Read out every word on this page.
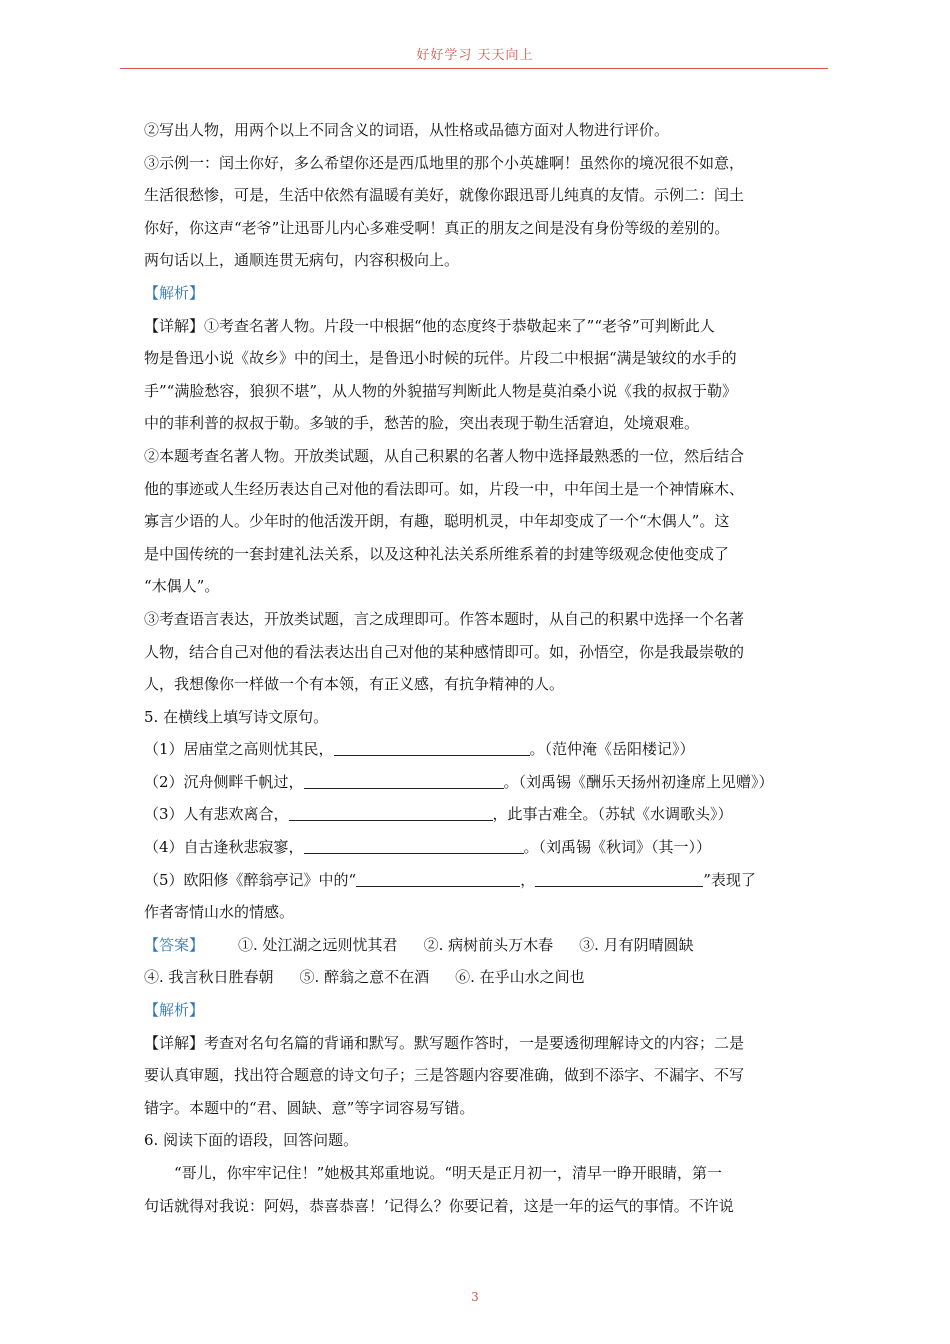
好好学习 天天向上

②写出人物，用两个以上不同含义的词语，从性格或品德方面对人物进行评价。

③示例一：闰土你好，多么希望你还是西瓜地里的那个小英雄啊！虽然你的境况很不如意，

生活很愁惨，可是，生活中依然有温暖有美好，就像你跟迅哥儿纯真的友情。示例二：闰土

你好，你这声“老爷”让迅哥儿内心多难受啊！真正的朋友之间是没有身份等级的差别的。

两句话以上，通顺连贯无病句，内容积极向上。

【解析】

【详解】①考查名著人物。片段一中根据“他的态度终于恭敬起来了”“老爷”可判断此人

物是鲁迅小说《故乡》中的闰土，是鲁迅小时候的玩伴。片段二中根据“满是皱纹的水手的

手”“满脸愁容，狼狈不堪”，从人物的外貌描写判断此人物是莫泊桑小说《我的叔叔于勒》

中的菲利普的叔叔于勒。多皱的手，愁苦的脸，突出表现于勒生活窘迫，处境艰难。

②本题考查名著人物。开放类试题，从自己积累的名著人物中选择最熟悉的一位，然后结合

他的事迹或人生经历表达自己对他的看法即可。如，片段一中，中年闰土是一个神情麻木、

寡言少语的人。少年时的他活泼开朗，有趣，聪明机灵，中年却变成了一个“木偶人”。这

是中国传统的一套封建礼法关系，以及这种礼法关系所维系着的封建等级观念使他变成了

“木偶人”。

③考查语言表达，开放类试题，言之成理即可。作答本题时，从自己的积累中选择一个名著

人物，结合自己对他的看法表达出自己对他的某种感情即可。如，孙悟空，你是我最崇敬的

人，我想像你一样做一个有本领，有正义感，有抗争精神的人。

5. 在横线上填写诗文原句。

（1）居庙堂之高则忧其民，	。（范仲淹《岳阳楼记》）

（2）沉舟侧畔千帆过，	。（刘禹锡《酬乐天扬州初逢席上见赠》）

（3）人有悲欢离合，	，此事古难全。（苏轼《水调歌头》）

（4）自古逢秋悲寂寥，	。（刘禹锡《秋词》（其一））

（5）欧阳修《醉翁亭记》中的“	，	”表现了

作者寄情山水的情感。

【答案】 ①. 处江湖之远则忧其君 ②. 病树前头万木春 ③. 月有阴晴圆缺

④. 我言秋日胜春朝 ⑤. 醉翁之意不在酒 ⑥. 在乎山水之间也

【解析】

【详解】考查对名句名篇的背诵和默写。默写题作答时，一是要透彻理解诗文的内容；二是

要认真审题，找出符合题意的诗文句子；三是答题内容要准确，做到不添字、不漏字、不写

错字。本题中的“君、圆缺、意”等字词容易写错。

6. 阅读下面的语段，回答问题。

“哥儿，你牢牢记住！”她极其郑重地说。“明天是正月初一，清早一睁开眼睛，第一

句话就得对我说：阿妈，恭喜恭喜！’记得么？你要记着，这是一年的运气的事情。不许说

3
